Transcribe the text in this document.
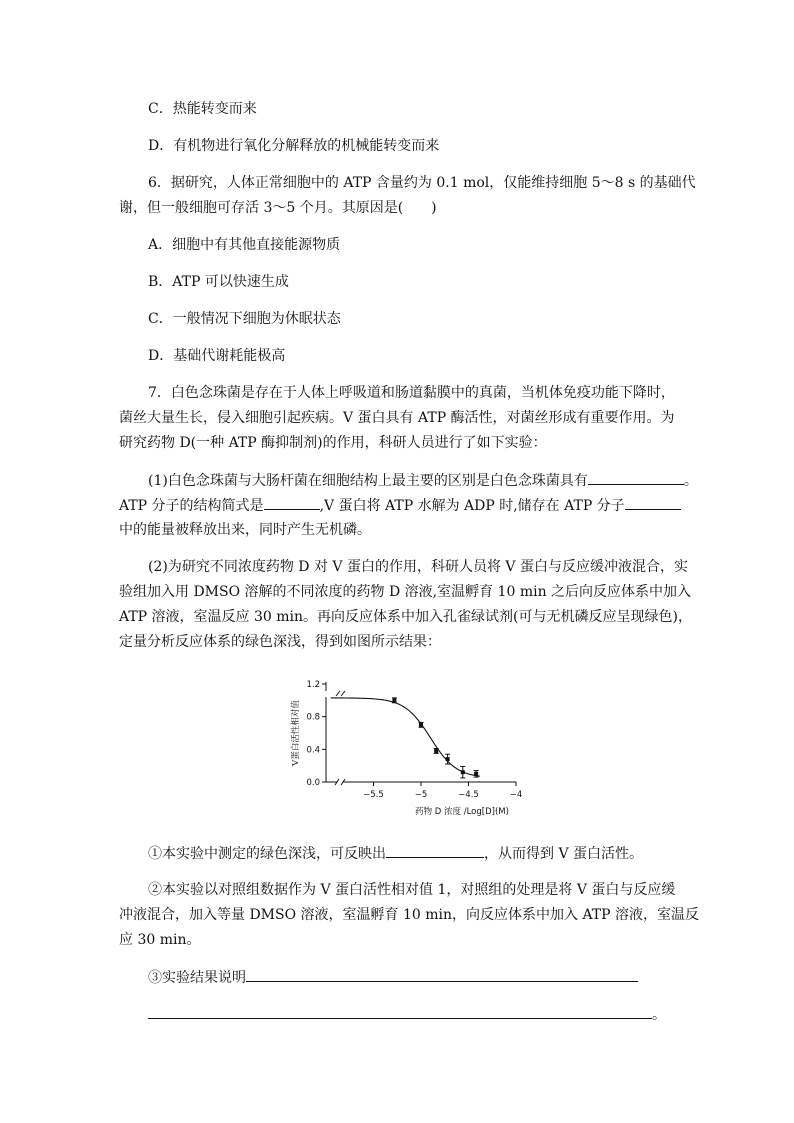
C．热能转变而来
D．有机物进行氧化分解释放的机械能转变而来
6．据研究，人体正常细胞中的 ATP 含量约为 0.1 mol，仅能维持细胞 5～8 s 的基础代
谢，但一般细胞可存活 3～5 个月。其原因是(　　)
A．细胞中有其他直接能源物质
B．ATP 可以快速生成
C．一般情况下细胞为休眠状态
D．基础代谢耗能极高
7．白色念珠菌是存在于人体上呼吸道和肠道黏膜中的真菌，当机体免疫功能下降时，
菌丝大量生长，侵入细胞引起疾病。V 蛋白具有 ATP 酶活性，对菌丝形成有重要作用。为
研究药物 D(一种 ATP 酶抑制剂)的作用，科研人员进行了如下实验：
(1)白色念珠菌与大肠杆菌在细胞结构上最主要的区别是白色念珠菌具有	。
ATP 分子的结构简式是	,V 蛋白将 ATP 水解为 ADP 时,储存在 ATP 分子
中的能量被释放出来，同时产生无机磷。
(2)为研究不同浓度药物 D 对 V 蛋白的作用，科研人员将 V 蛋白与反应缓冲液混合，实
验组加入用 DMSO 溶解的不同浓度的药物 D 溶液,室温孵育 10 min 之后向反应体系中加入
ATP 溶液，室温反应 30 min。再向反应体系中加入孔雀绿试剂(可与无机磷反应呈现绿色)，
定量分析反应体系的绿色深浅，得到如图所示结果：
0.0
0.4
0.8
1.2
−5.5	−5	−4.5	−4
药物 D 浓度 /Log[D](M)
V蛋白活性相对值
①本实验中测定的绿色深浅，可反映出	，从而得到 V 蛋白活性。
②本实验以对照组数据作为 V 蛋白活性相对值 1，对照组的处理是将 V 蛋白与反应缓
冲液混合，加入等量 DMSO 溶液，室温孵育 10 min，向反应体系中加入 ATP 溶液，室温反
应 30 min。
③实验结果说明
。
